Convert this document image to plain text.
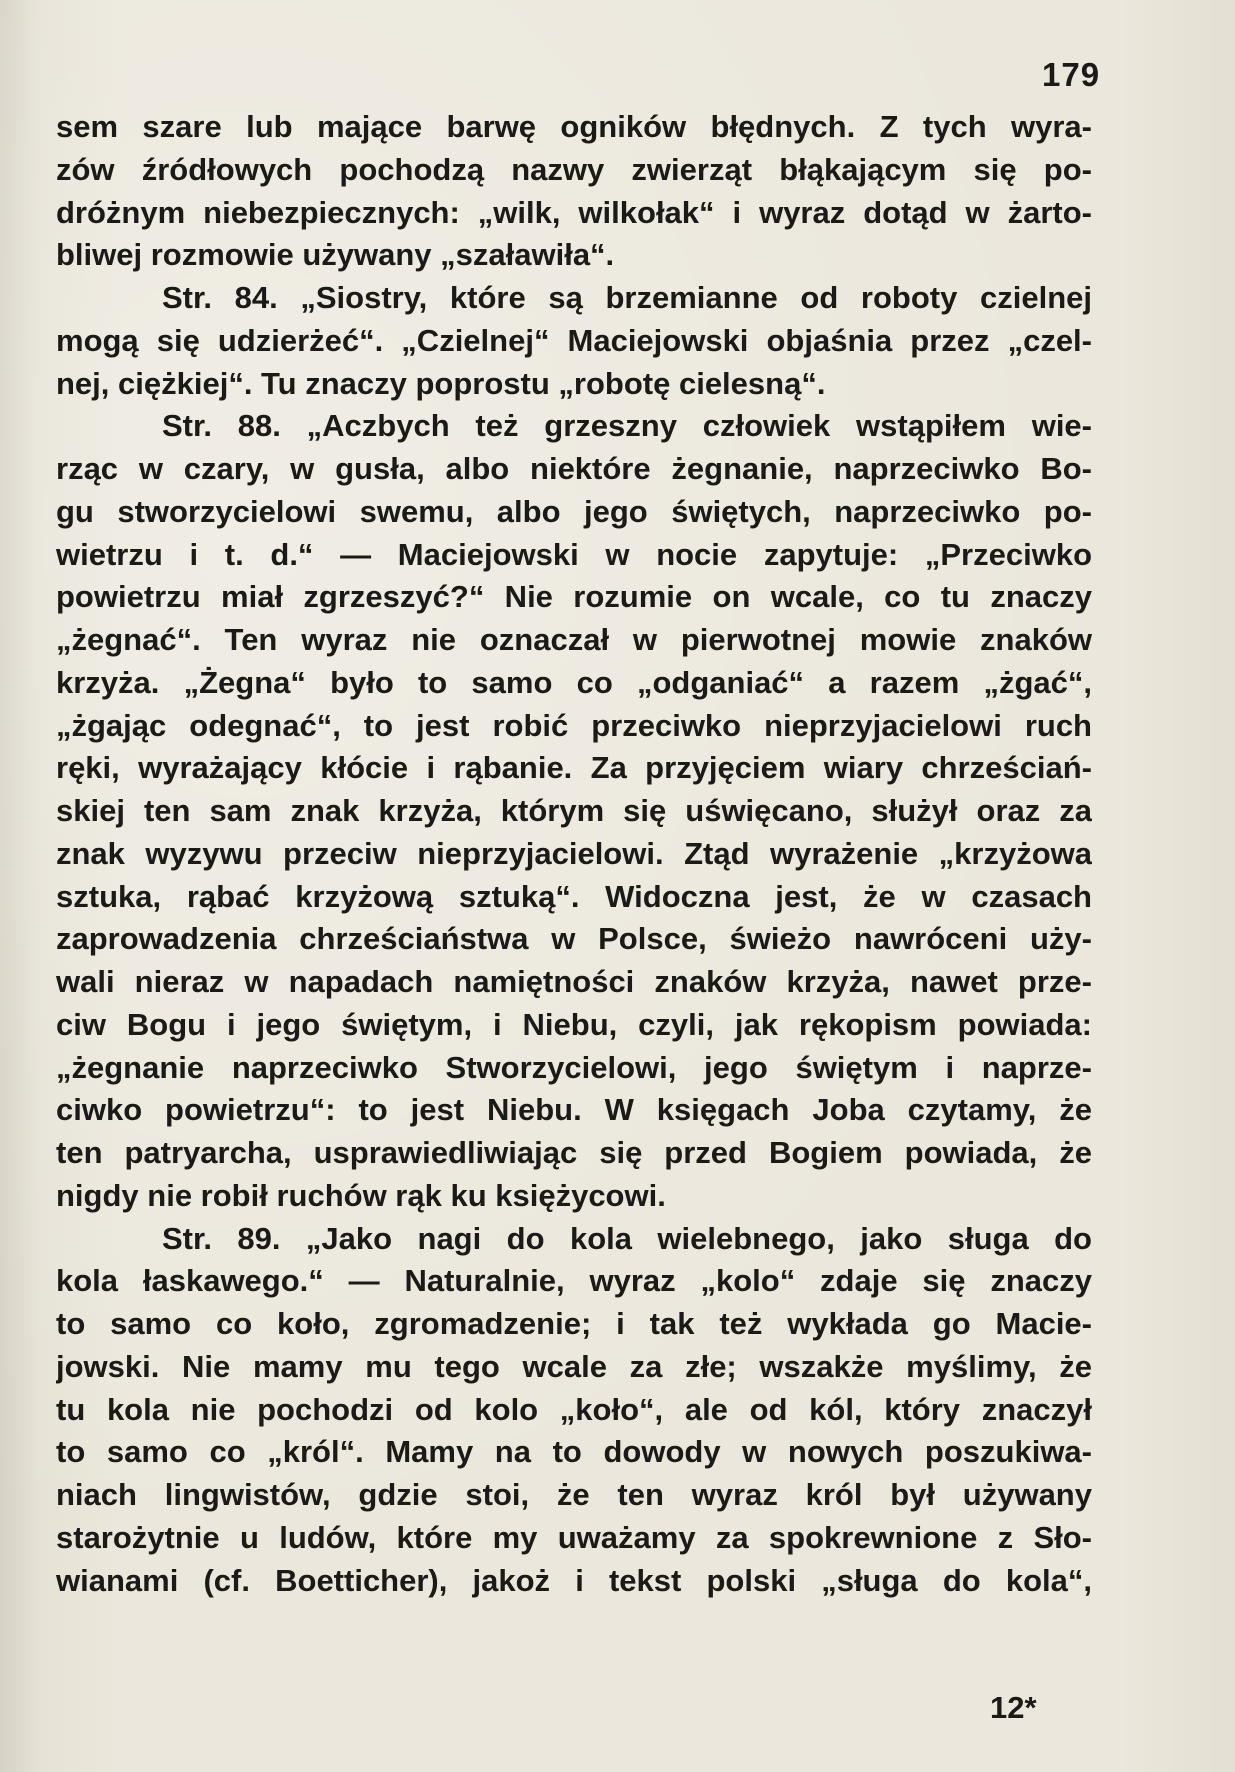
179
sem szare lub mające barwę ogników błędnych. Z tych wyra-
zów źródłowych pochodzą nazwy zwierząt błąkającym się po-
dróżnym niebezpiecznych: „wilk, wilkołak“ i wyraz dotąd w żarto-
bliwej rozmowie używany „szaławiła“.
Str. 84. „Siostry, które są brzemianne od roboty czielnej
mogą się udzierżeć“. „Czielnej“ Maciejowski objaśnia przez „czel-
nej, ciężkiej“. Tu znaczy poprostu „robotę cielesną“.
Str. 88. „Aczbych też grzeszny człowiek wstąpiłem wie-
rząc w czary, w gusła, albo niektóre żegnanie, naprzeciwko Bo-
gu stworzycielowi swemu, albo jego świętych, naprzeciwko po-
wietrzu i t. d.“ — Maciejowski w nocie zapytuje: „Przeciwko
powietrzu miał zgrzeszyć?“ Nie rozumie on wcale, co tu znaczy
„żegnać“. Ten wyraz nie oznaczał w pierwotnej mowie znaków
krzyża. „Żegna“ było to samo co „odganiać“ a razem „żgać“,
„żgając odegnać“, to jest robić przeciwko nieprzyjacielowi ruch
ręki, wyrażający kłócie i rąbanie. Za przyjęciem wiary chrześciań-
skiej ten sam znak krzyża, którym się uświęcano, służył oraz za
znak wyzywu przeciw nieprzyjacielowi. Ztąd wyrażenie „krzyżowa
sztuka, rąbać krzyżową sztuką“. Widoczna jest, że w czasach
zaprowadzenia chrześciaństwa w Polsce, świeżo nawróceni uży-
wali nieraz w napadach namiętności znaków krzyża, nawet prze-
ciw Bogu i jego świętym, i Niebu, czyli, jak rękopism powiada:
„żegnanie naprzeciwko Stworzycielowi, jego świętym i naprze-
ciwko powietrzu“: to jest Niebu. W księgach Joba czytamy, że
ten patryarcha, usprawiedliwiając się przed Bogiem powiada, że
nigdy nie robił ruchów rąk ku księżycowi.
Str. 89. „Jako nagi do kola wielebnego, jako sługa do
kola łaskawego.“ — Naturalnie, wyraz „kolo“ zdaje się znaczy
to samo co koło, zgromadzenie; i tak też wykłada go Macie-
jowski. Nie mamy mu tego wcale za złe; wszakże myślimy, że
tu kola nie pochodzi od kolo „koło“, ale od kól, który znaczył
to samo co „król“. Mamy na to dowody w nowych poszukiwa-
niach lingwistów, gdzie stoi, że ten wyraz król był używany
starożytnie u ludów, które my uważamy za spokrewnione z Sło-
wianami (cf. Boetticher), jakoż i tekst polski „sługa do kola“,
12*
